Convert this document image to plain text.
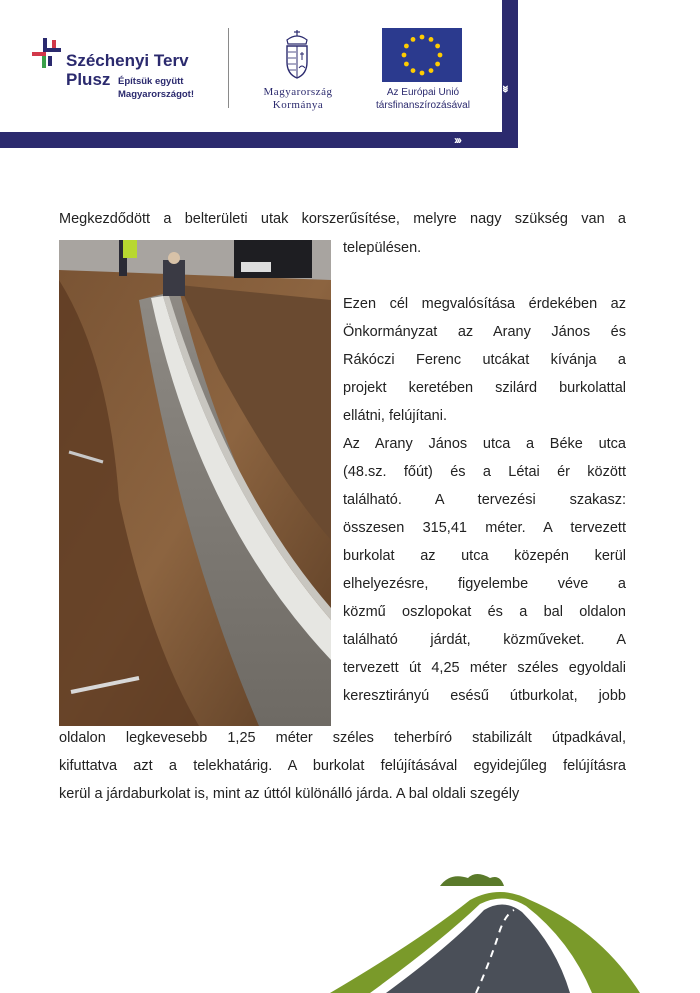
›››
›››
Széchenyi Terv
Plusz Építsük együtt
Magyarországot!	Magyarország
Kormánya
Az Európai Unió
társfinanszírozásával
Megkezdődött a belterületi utak korszerűsítése, melyre nagy szükség van a
településen.

Ezen cél megvalósítása érdekében az
Önkormányzat az Arany János és
Rákóczi Ferenc utcákat kívánja a
projekt keretében szilárd burkolattal
ellátni, felújítani.
Az Arany János utca a Béke utca
(48.sz. főút) és a Létai ér között
található. A tervezési szakasz:
összesen 315,41 méter. A tervezett
burkolat az utca közepén kerül
elhelyezésre, figyelembe véve a
közmű oszlopokat és a bal oldalon
található járdát, közműveket. A
tervezett út 4,25 méter széles egyoldali
keresztirányú esésű útburkolat, jobb
oldalon legkevesebb 1,25 méter széles teherbíró stabilizált útpadkával,
kifuttatva azt a telekhatárig. A burkolat felújításával egyidejűleg felújításra
kerül a járdaburkolat is, mint az úttól különálló járda. A bal oldali szegély
